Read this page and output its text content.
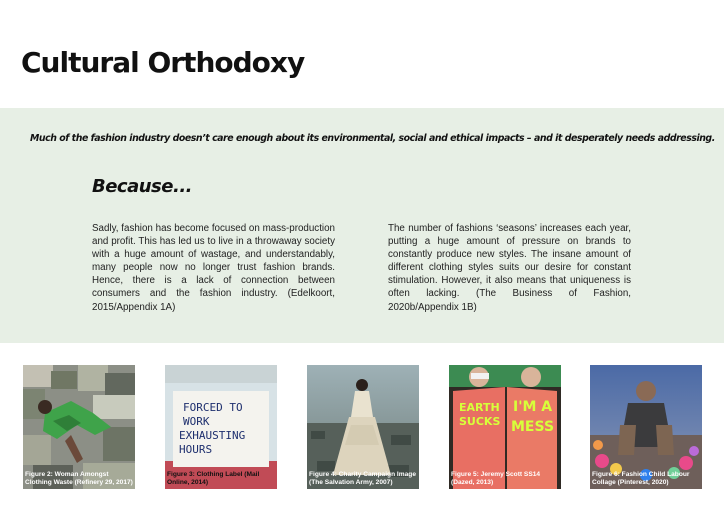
Cultural Orthodoxy
Much of the fashion industry doesn’t care enough about its environmental, social and ethical impacts – and it desperately needs addressing.
Because...
Sadly, fashion has become focused on mass-production and profit. This has led us to live in a throwaway society with a huge amount of wastage, and understandably, many people now no longer trust fashion brands. Hence, there is a lack of connection between consumers and the fashion industry. (Edelkoort, 2015/Appendix 1A)
The number of fashions ‘seasons’ increases each year, putting a huge amount of pressure on brands to constantly produce new styles. The insane amount of different clothing styles suits our desire for constant stimulation. However, it also means that uniqueness is often lacking. (The Business of Fashion, 2020b/Appendix 1B)
Figure 2: Woman Amongst Clothing Waste (Refinery 29, 2017)
FORCED TO
WORK
EXHAUSTING
HOURS
Figure 3: Clothing Label (Mail Online, 2014)
Figure 4: Charity Campaign Image (The Salvation Army, 2007)
EARTH
SUCKS
I'M A
MESS
Figure 5: Jeremy Scott SS14 (Dazed, 2013)
Figure 6: Fashion Child Labour Collage (Pinterest, 2020)
